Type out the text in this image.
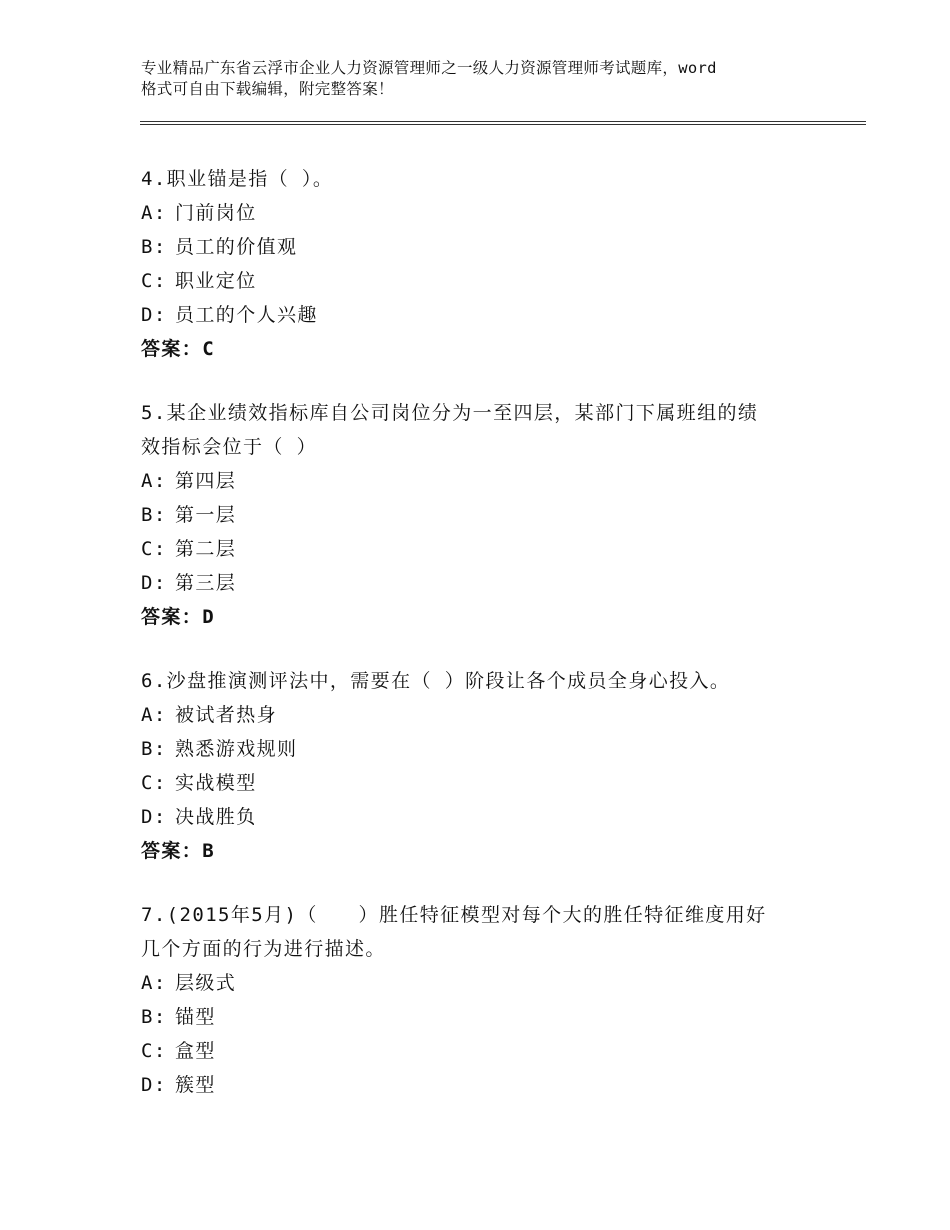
专业精品广东省云浮市企业人力资源管理师之一级人力资源管理师考试题库，word
格式可自由下载编辑，附完整答案！
4.职业锚是指（ ）。
A: 门前岗位
B: 员工的价值观
C: 职业定位
D: 员工的个人兴趣
答案：C
5.某企业绩效指标库自公司岗位分为一至四层，某部门下属班组的绩
效指标会位于（ ）
A: 第四层
B: 第一层
C: 第二层
D: 第三层
答案：D
6.沙盘推演测评法中，需要在（ ）阶段让各个成员全身心投入。
A: 被试者热身
B: 熟悉游戏规则
C: 实战模型
D: 决战胜负
答案：B
7.(2015年5月)（　　）胜任特征模型对每个大的胜任特征维度用好
几个方面的行为进行描述。
A: 层级式
B: 锚型
C: 盒型
D: 簇型
